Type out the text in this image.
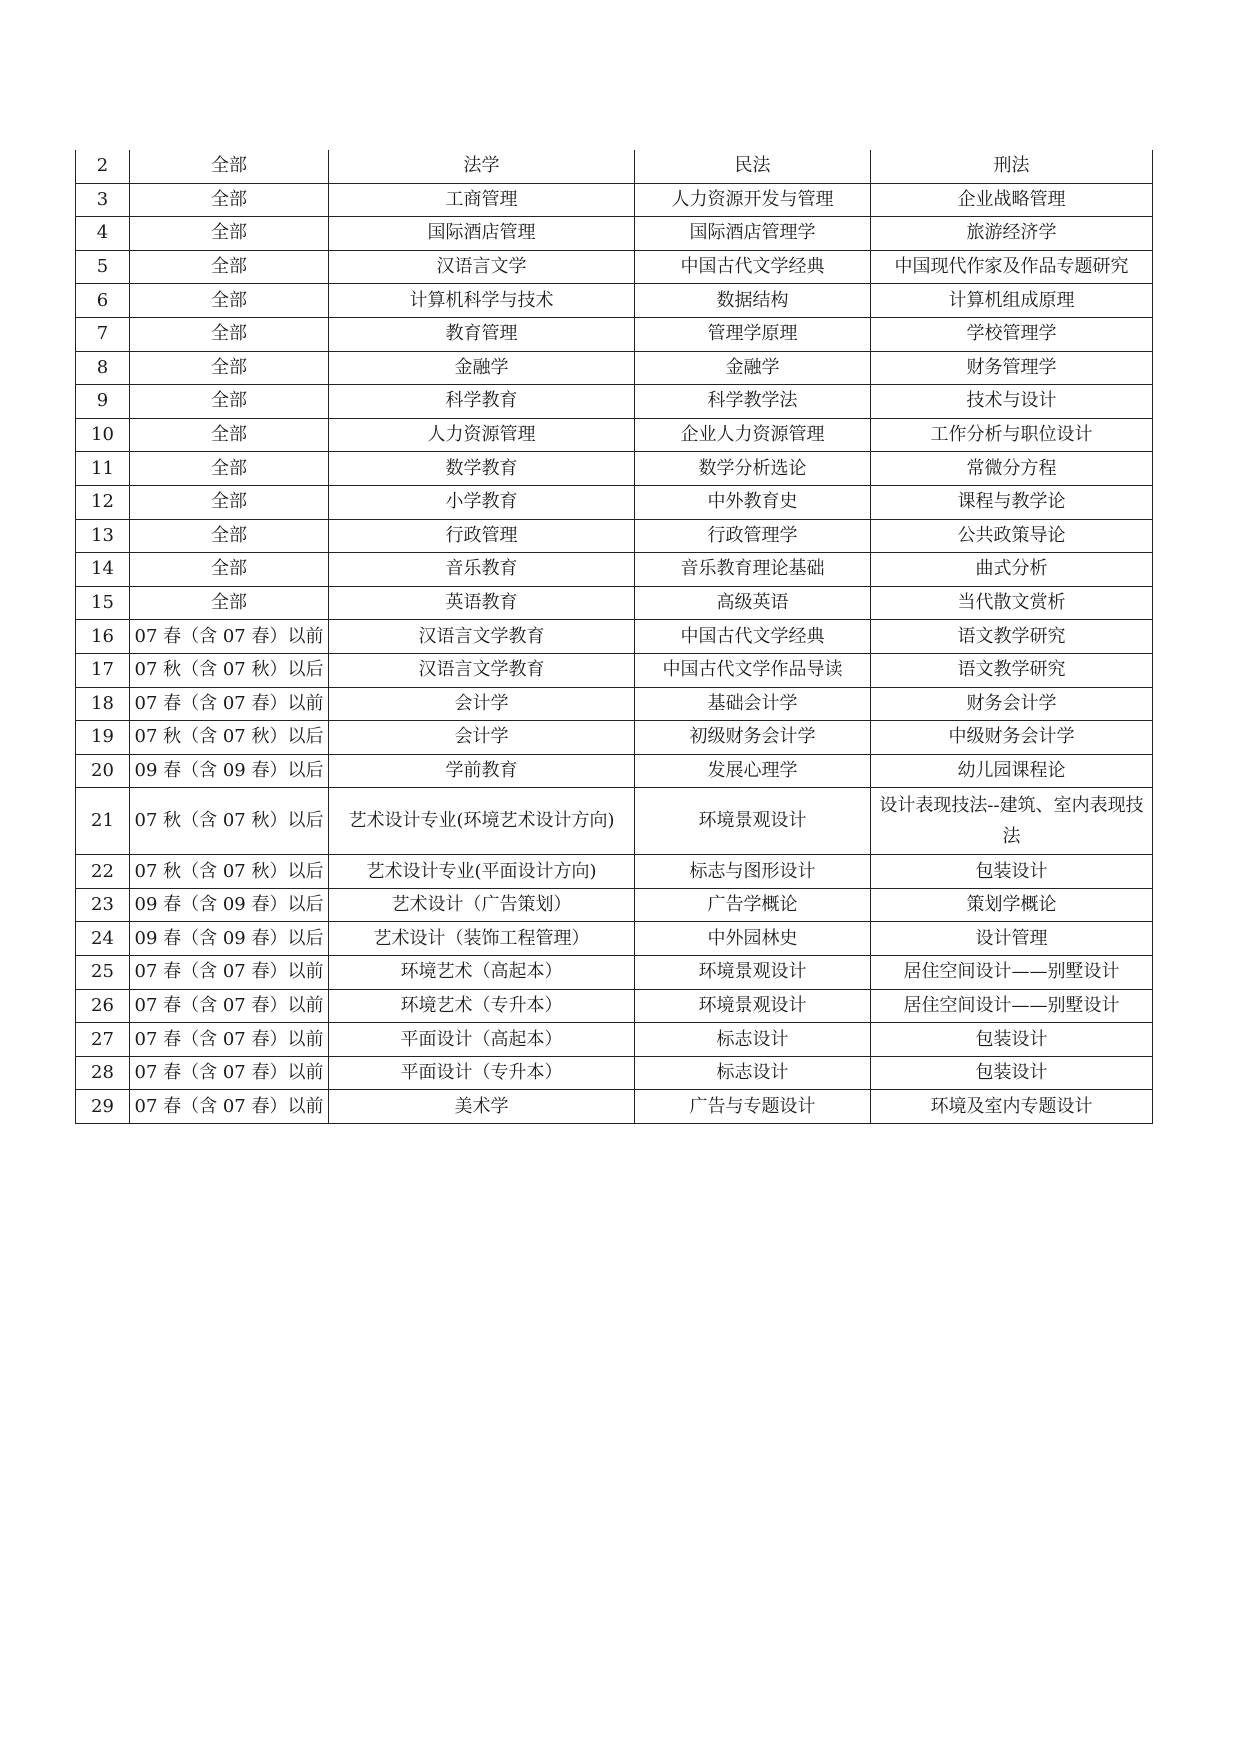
2	全部	法学	民法	刑法
3	全部	工商管理	人力资源开发与管理	企业战略管理
4	全部	国际酒店管理	国际酒店管理学	旅游经济学
5	全部	汉语言文学	中国古代文学经典	中国现代作家及作品专题研究
6	全部	计算机科学与技术	数据结构	计算机组成原理
7	全部	教育管理	管理学原理	学校管理学
8	全部	金融学	金融学	财务管理学
9	全部	科学教育	科学教学法	技术与设计
10	全部	人力资源管理	企业人力资源管理	工作分析与职位设计
11	全部	数学教育	数学分析选论	常微分方程
12	全部	小学教育	中外教育史	课程与教学论
13	全部	行政管理	行政管理学	公共政策导论
14	全部	音乐教育	音乐教育理论基础	曲式分析
15	全部	英语教育	高级英语	当代散文赏析
16	07 春（含 07 春）以前	汉语言文学教育	中国古代文学经典	语文教学研究
17	07 秋（含 07 秋）以后	汉语言文学教育	中国古代文学作品导读	语文教学研究
18	07 春（含 07 春）以前	会计学	基础会计学	财务会计学
19	07 秋（含 07 秋）以后	会计学	初级财务会计学	中级财务会计学
20	09 春（含 09 春）以后	学前教育	发展心理学	幼儿园课程论
21	07 秋（含 07 秋）以后	艺术设计专业(环境艺术设计方向)	环境景观设计	设计表现技法--建筑、室内表现技法
22	07 秋（含 07 秋）以后	艺术设计专业(平面设计方向)	标志与图形设计	包装设计
23	09 春（含 09 春）以后	艺术设计（广告策划）	广告学概论	策划学概论
24	09 春（含 09 春）以后	艺术设计（装饰工程管理）	中外园林史	设计管理
25	07 春（含 07 春）以前	环境艺术（高起本）	环境景观设计	居住空间设计——别墅设计
26	07 春（含 07 春）以前	环境艺术（专升本）	环境景观设计	居住空间设计——别墅设计
27	07 春（含 07 春）以前	平面设计（高起本）	标志设计	包装设计
28	07 春（含 07 春）以前	平面设计（专升本）	标志设计	包装设计
29	07 春（含 07 春）以前	美术学	广告与专题设计	环境及室内专题设计
